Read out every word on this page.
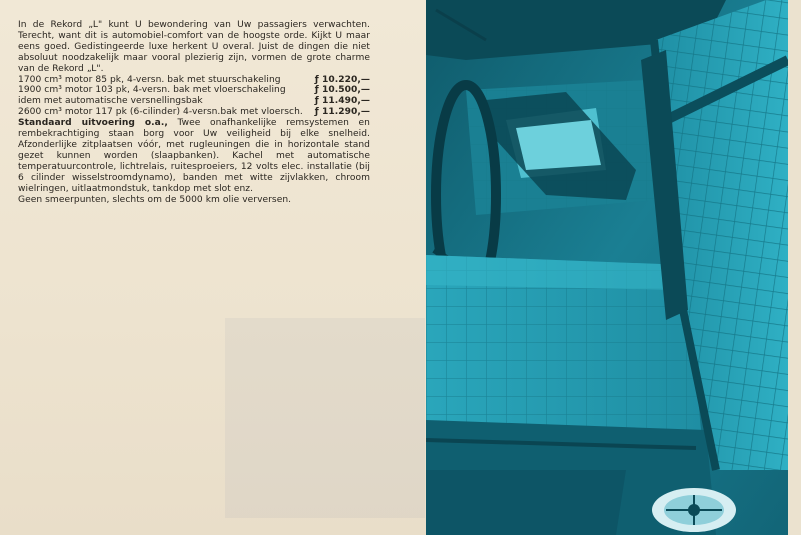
In de Rekord „L" kunt U bewondering van Uw passagiers verwachten. Terecht, want dit is automobiel-comfort van de hoogste orde. Kijkt U maar eens goed. Gedistingeerde luxe herkent U overal. Juist de dingen die niet absoluut noodzakelijk maar vooral plezierig zijn, vormen de grote charme van de Rekord „L".

1700 cm³ motor 85 pk, 4-versn. bak met stuurschakeling	ƒ 10.220,—
1900 cm³ motor 103 pk, 4-versn. bak met vloerschakeling	ƒ 10.500,—
idem met automatische versnellingsbak	ƒ 11.490,—
2600 cm³ motor 117 pk (6-cilinder) 4-versn.bak met vloersch.	ƒ 11.290,—

Standaard uitvoering o.a., Twee onafhankelijke remsystemen en rembekrachtiging staan borg voor Uw veiligheid bij elke snelheid. Afzonderlijke zitplaatsen vóór, met rugleuningen die in horizontale stand gezet kunnen worden (slaapbanken). Kachel met automatische temperatuurcontrole, lichtrelais, ruitesproeiers, 12 volts elec. installatie (bij 6 cilinder wisselstroomdynamo), banden met witte zijvlakken, chroom wielringen, uitlaatmondstuk, tankdop met slot enz.

Geen smeerpunten, slechts om de 5000 km olie verversen.
